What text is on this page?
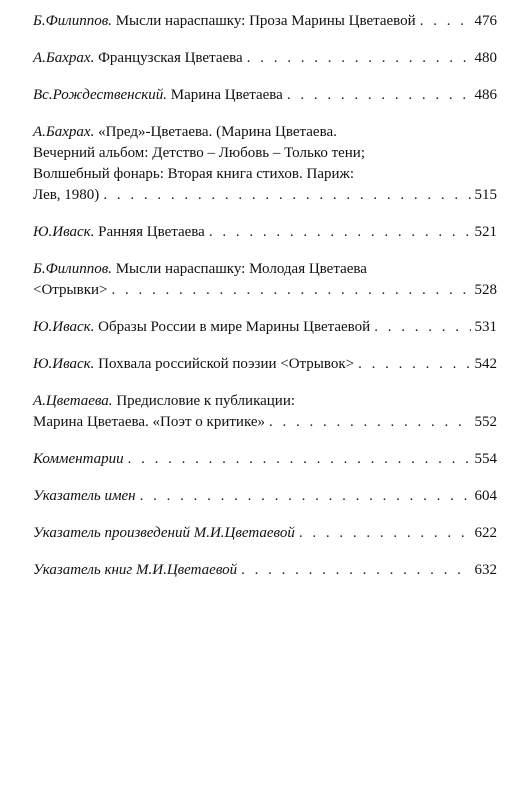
Б.Филиппов. Мысли нараспашку: Проза Марины Цветаевой . . .	476
А.Бахрах. Французская Цветаева . . .	480
Вс.Рождественский. Марина Цветаева . . .	486
А.Бахрах. «Пред»-Цветаева. (Марина Цветаева.
Вечерний альбом: Детство – Любовь – Только тени;
Волшебный фонарь: Вторая книга стихов. Париж:
Лев, 1980) . . .	515
Ю.Иваск. Ранняя Цветаева . . .	521
Б.Филиппов. Мысли нараспашку: Молодая Цветаева
<Отрывки> . . .	528
Ю.Иваск. Образы России в мире Марины Цветаевой . . .	531
Ю.Иваск. Похвала российской поэзии <Отрывок> . . .	542
А.Цветаева. Предисловие к публикации:
Марина Цветаева. «Поэт о критике» . . .	552
Комментарии . . .	554
Указатель имен . . .	604
Указатель произведений М.И.Цветаевой . . .	622
Указатель книг М.И.Цветаевой . . .	632
